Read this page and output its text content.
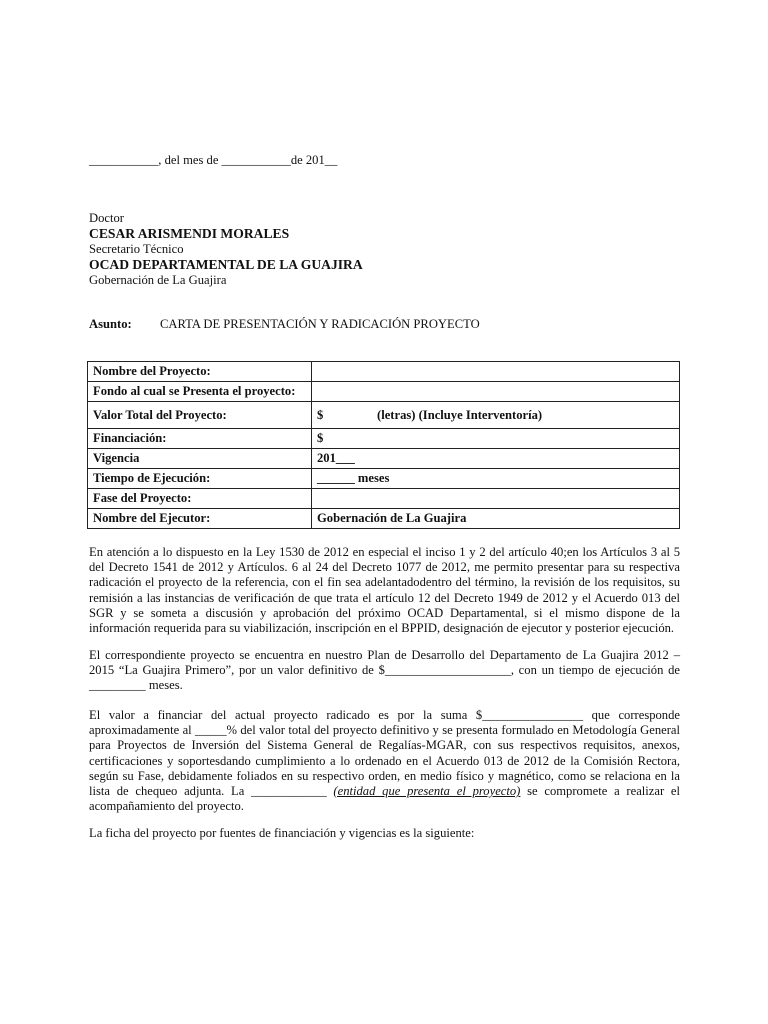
___________, del mes de ___________de 201__
Doctor
CESAR ARISMENDI MORALES
Secretario Técnico
OCAD DEPARTAMENTAL DE LA GUAJIRA
Gobernación de La Guajira
Asunto: CARTA DE PRESENTACIÓN Y RADICACIÓN PROYECTO
Nombre del Proyecto:	
Fondo al cual se Presenta el proyecto:	
Valor Total del Proyecto:	$ (letras) (Incluye Interventoría)
Financiación:	$
Vigencia	201___
Tiempo de Ejecución:	______ meses
Fase del Proyecto:	
Nombre del Ejecutor:	Gobernación de La Guajira
En atención a lo dispuesto en la Ley 1530 de 2012 en especial el inciso 1 y 2 del artículo 40;en los Artículos 3 al 5 del Decreto 1541 de 2012 y Artículos. 6 al 24 del Decreto 1077 de 2012, me permito presentar para su respectiva radicación el proyecto de la referencia, con el fin sea adelantadodentro del término, la revisión de los requisitos, su remisión a las instancias de verificación de que trata el artículo 12 del Decreto 1949 de 2012 y el Acuerdo 013 del SGR y se someta a discusión y aprobación del próximo OCAD Departamental, si el mismo dispone de la información requerida para su viabilización, inscripción en el BPPID, designación de ejecutor y posterior ejecución.
El correspondiente proyecto se encuentra en nuestro Plan de Desarrollo del Departamento de La Guajira 2012 – 2015 “La Guajira Primero”, por un valor definitivo de $____________________, con un tiempo de ejecución de _________ meses.
El valor a financiar del actual proyecto radicado es por la suma $________________ que corresponde aproximadamente al _____% del valor total del proyecto definitivo y se presenta formulado en Metodología General para Proyectos de Inversión del Sistema General de Regalías-MGAR, con sus respectivos requisitos, anexos, certificaciones y soportesdando cumplimiento a lo ordenado en el Acuerdo 013 de 2012 de la Comisión Rectora, según su Fase, debidamente foliados en su respectivo orden, en medio físico y magnético, como se relaciona en la lista de chequeo adjunta. La ____________ (entidad que presenta el proyecto) se compromete a realizar el acompañamiento del proyecto.
La ficha del proyecto por fuentes de financiación y vigencias es la siguiente:
